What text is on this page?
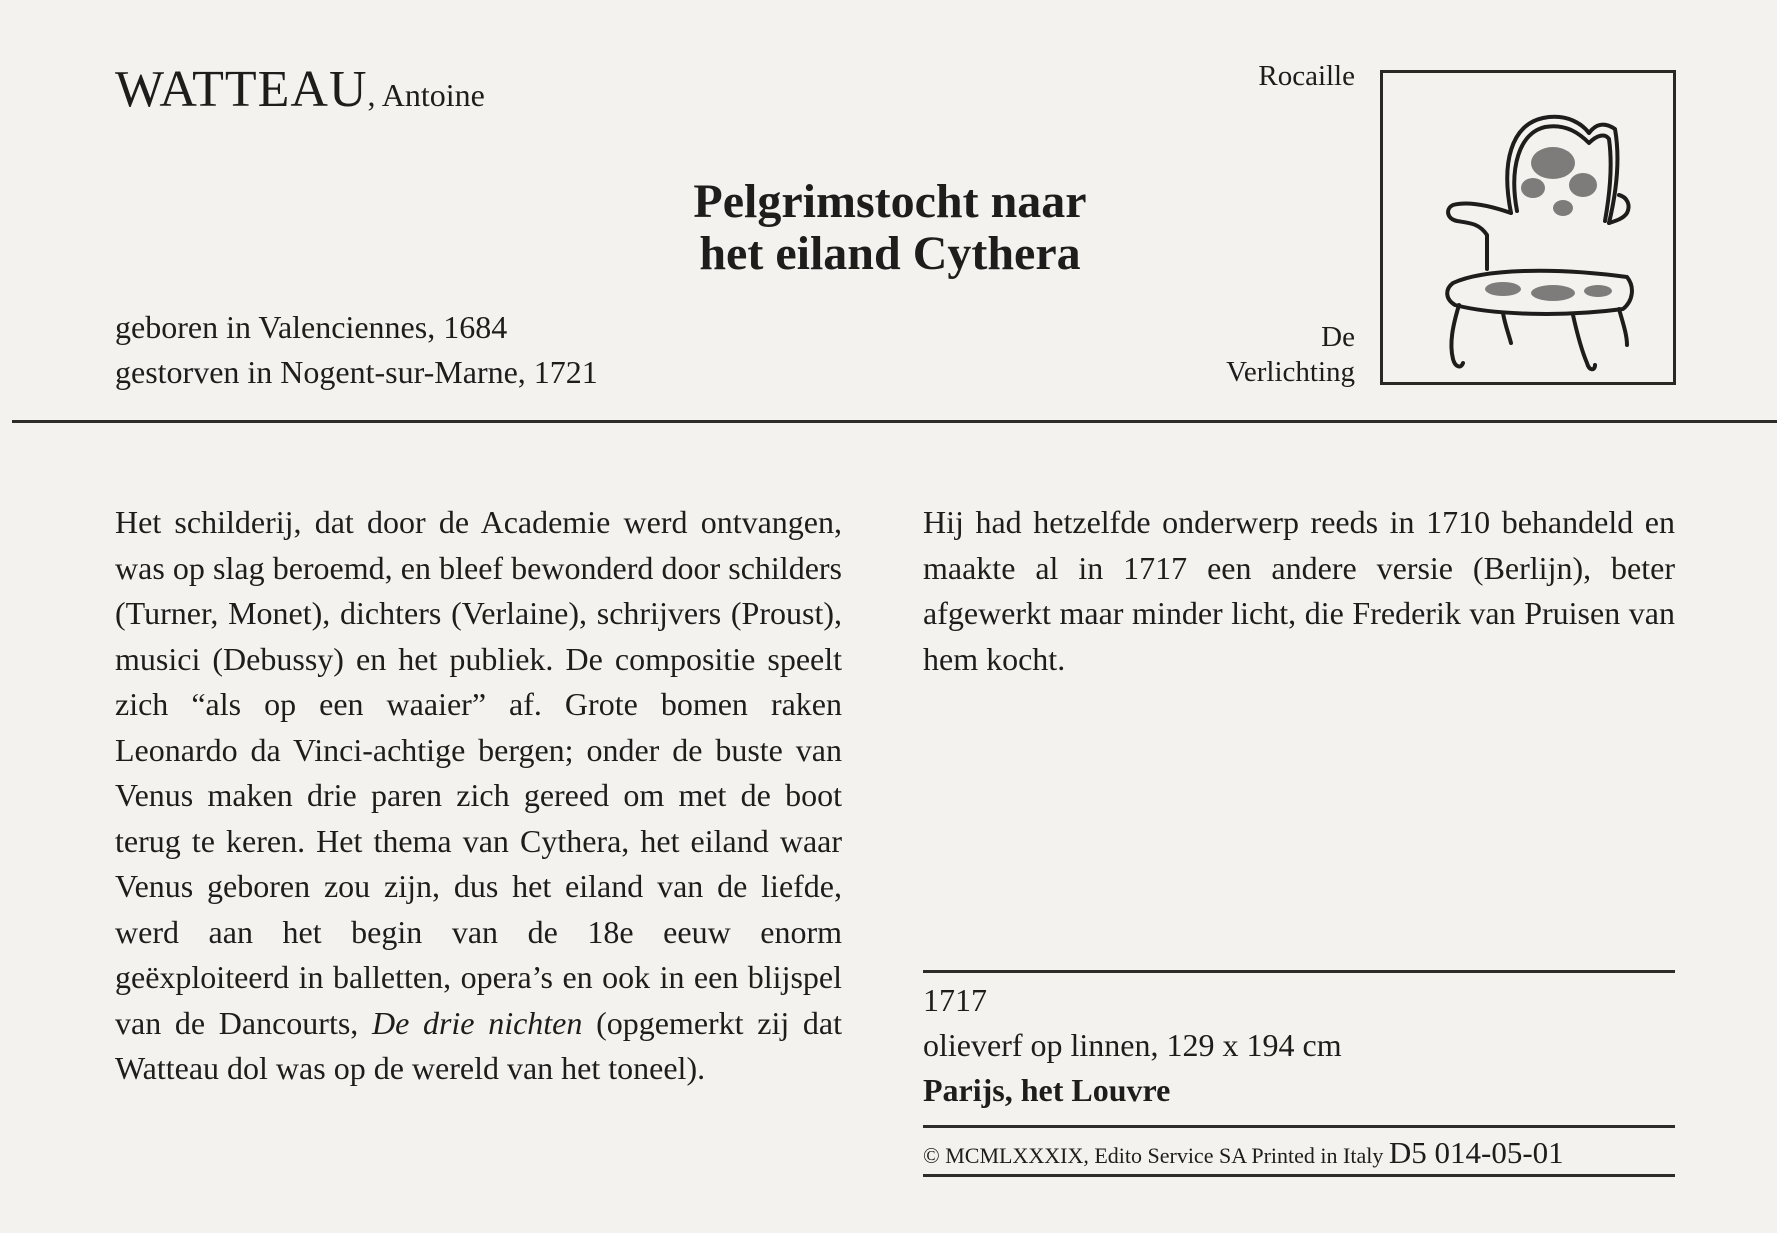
WATTEAU, Antoine
Pelgrimstocht naar
het eiland Cythera
geboren in Valenciennes, 1684
gestorven in Nogent-sur-Marne, 1721
Rocaille
De
Verlichting

Het schilderij, dat door de Academie werd ontvangen, was op slag beroemd, en bleef bewonderd door schilders (Turner, Monet), dichters (Verlaine), schrijvers (Proust), musici (Debussy) en het publiek. De compositie speelt zich “als op een waaier” af. Grote bomen raken Leonardo da Vinci-achtige bergen; onder de buste van Venus maken drie paren zich gereed om met de boot terug te keren. Het thema van Cythera, het eiland waar Venus geboren zou zijn, dus het eiland van de liefde, werd aan het begin van de 18e eeuw enorm geëxploiteerd in balletten, opera’s en ook in een blijspel van de Dancourts, De drie nichten (opgemerkt zij dat Watteau dol was op de wereld van het toneel).

Hij had hetzelfde onderwerp reeds in 1710 behandeld en maakte al in 1717 een andere versie (Berlijn), beter afgewerkt maar minder licht, die Frederik van Pruisen van hem kocht.

1717
olieverf op linnen, 129 x 194 cm
Parijs, het Louvre
© MCMLXXXIX, Edito Service SA Printed in Italy D5 014-05-01
